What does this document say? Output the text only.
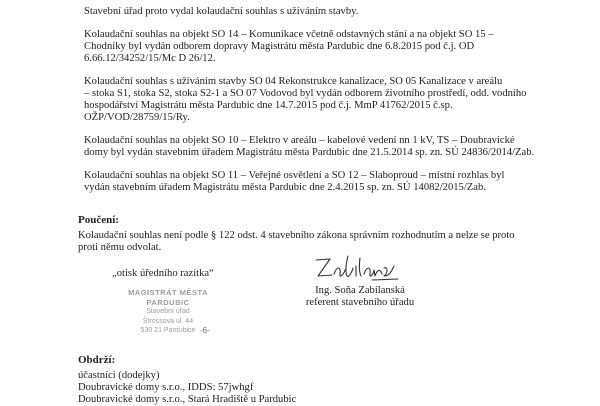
Stavební úřad proto vydal kolaudační souhlas s užíváním stavby.

Kolaudační souhlas na objekt SO 14 – Komunikace včetně odstavných stání a na objekt SO 15 –

Chodníky byl vydán odborem dopravy Magistrátu města Pardubic dne 6.8.2015 pod č.j. OD

6.66.12/34252/15/Mc D 26/12.

Kolaudační souhlas s užíváním stavby SO 04 Rekonstrukce kanalizace, SO 05 Kanalizace v areálu

– stoka S1, stoka S2, stoka S2-1 a SO 07 Vodovod byl vydán odborem životního prostředí, odd. vodního

hospodářství Magistrátu města Pardubic dne 14.7.2015 pod č.j. MmP 41762/2015 č.sp.

OŽP/VOD/28759/15/Ry.

Kolaudační souhlas na objekt SO 10 – Elektro v areálu – kabelové vedení nn 1 kV, TS – Doubravické

domy byl vydán stavebním úřadem Magistrátu města Pardubic dne 21.5.2014 sp. zn. SÚ 24836/2014/Zab.

Kolaudační souhlas na objekt SO 11 – Veřejné osvětlení a SO 12 – Slaboproud – místní rozhlas byl

vydán stavebním úřadem Magistrátu města Pardubic dne 2.4.2015 sp. zn. SÚ 14082/2015/Zab.

Poučení:

Kolaudační souhlas není podle § 122 odst. 4 stavebního zákona správním rozhodnutím a nelze se proto

proti němu odvolat.

„otisk úředního razítka“

MAGISTRÁT MĚSTA PARDUBIC
Stavební úřad
Štrossova ul. 44
530 21 Pardubice -6-

Ing. Soňa Zabilanská

referent stavebního úřadu

Obdrží:

účastníci (dodejky)

Doubravické domy s.r.o., IDDS: 57jwhgf

Doubravické domy s.r.o., Stará Hradiště u Pardubic
